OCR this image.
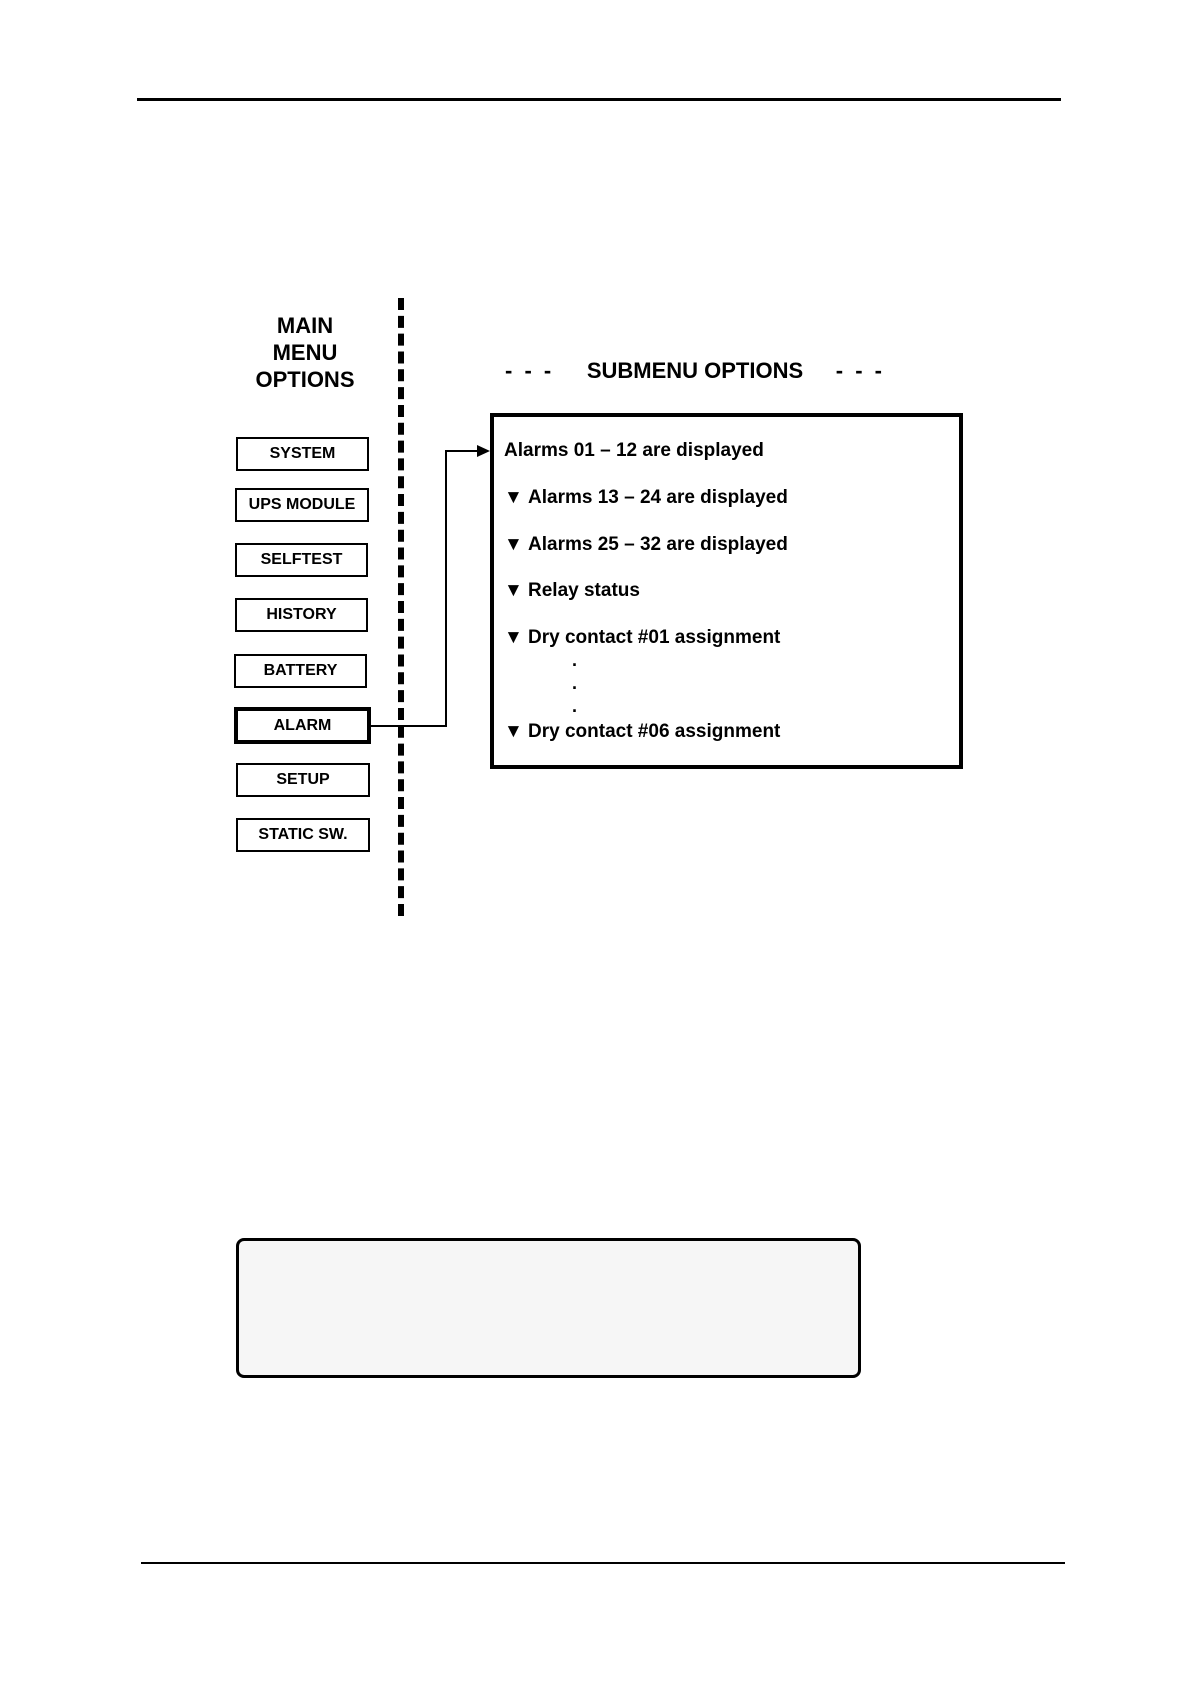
MAIN
MENU
OPTIONS
SYSTEM
UPS MODULE
SELFTEST
HISTORY
BATTERY
ALARM
SETUP
STATIC SW.
- - - SUBMENU OPTIONS - - -
Alarms 01 – 12 are displayed
▼ Alarms 13 – 24 are displayed
▼ Alarms 25 – 32 are displayed
▼ Relay status
▼ Dry contact #01 assignment
.
.
.
▼ Dry contact #06 assignment
